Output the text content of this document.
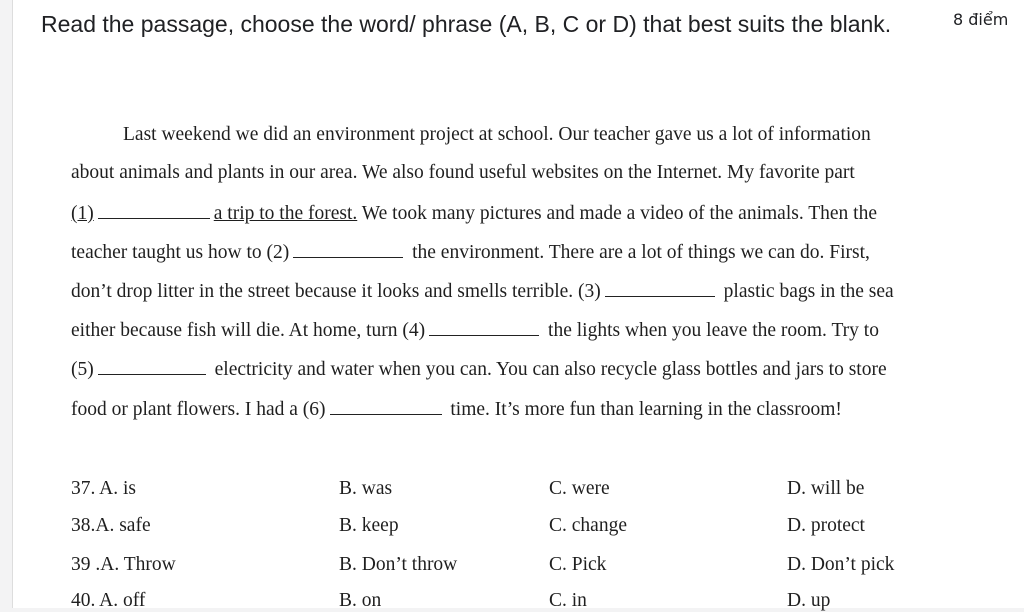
Read the passage, choose the word/ phrase (A, B, C or D) that best suits the blank.	8 điểm
Last weekend we did an environment project at school. Our teacher gave us a lot of information
about animals and plants in our area. We also found useful websites on the Internet. My favorite part
(1)	a trip to the forest. We took many pictures and made a video of the animals. Then the
teacher taught us how to (2)	the environment. There are a lot of things we can do. First,
don’t drop litter in the street because it looks and smells terrible. (3)	plastic bags in the sea
either because fish will die. At home, turn (4)	the lights when you leave the room. Try to
(5)	electricity and water when you can. You can also recycle glass bottles and jars to store
food or plant flowers. I had a (6)	time. It’s more fun than learning in the classroom!
37. A. is	B. was	C. were	D. will be
38.A. safe	B. keep	C. change	D. protect
39 .A. Throw	B. Don’t throw	C. Pick	D. Don’t pick
40. A. off	B. on	C. in	D. up
